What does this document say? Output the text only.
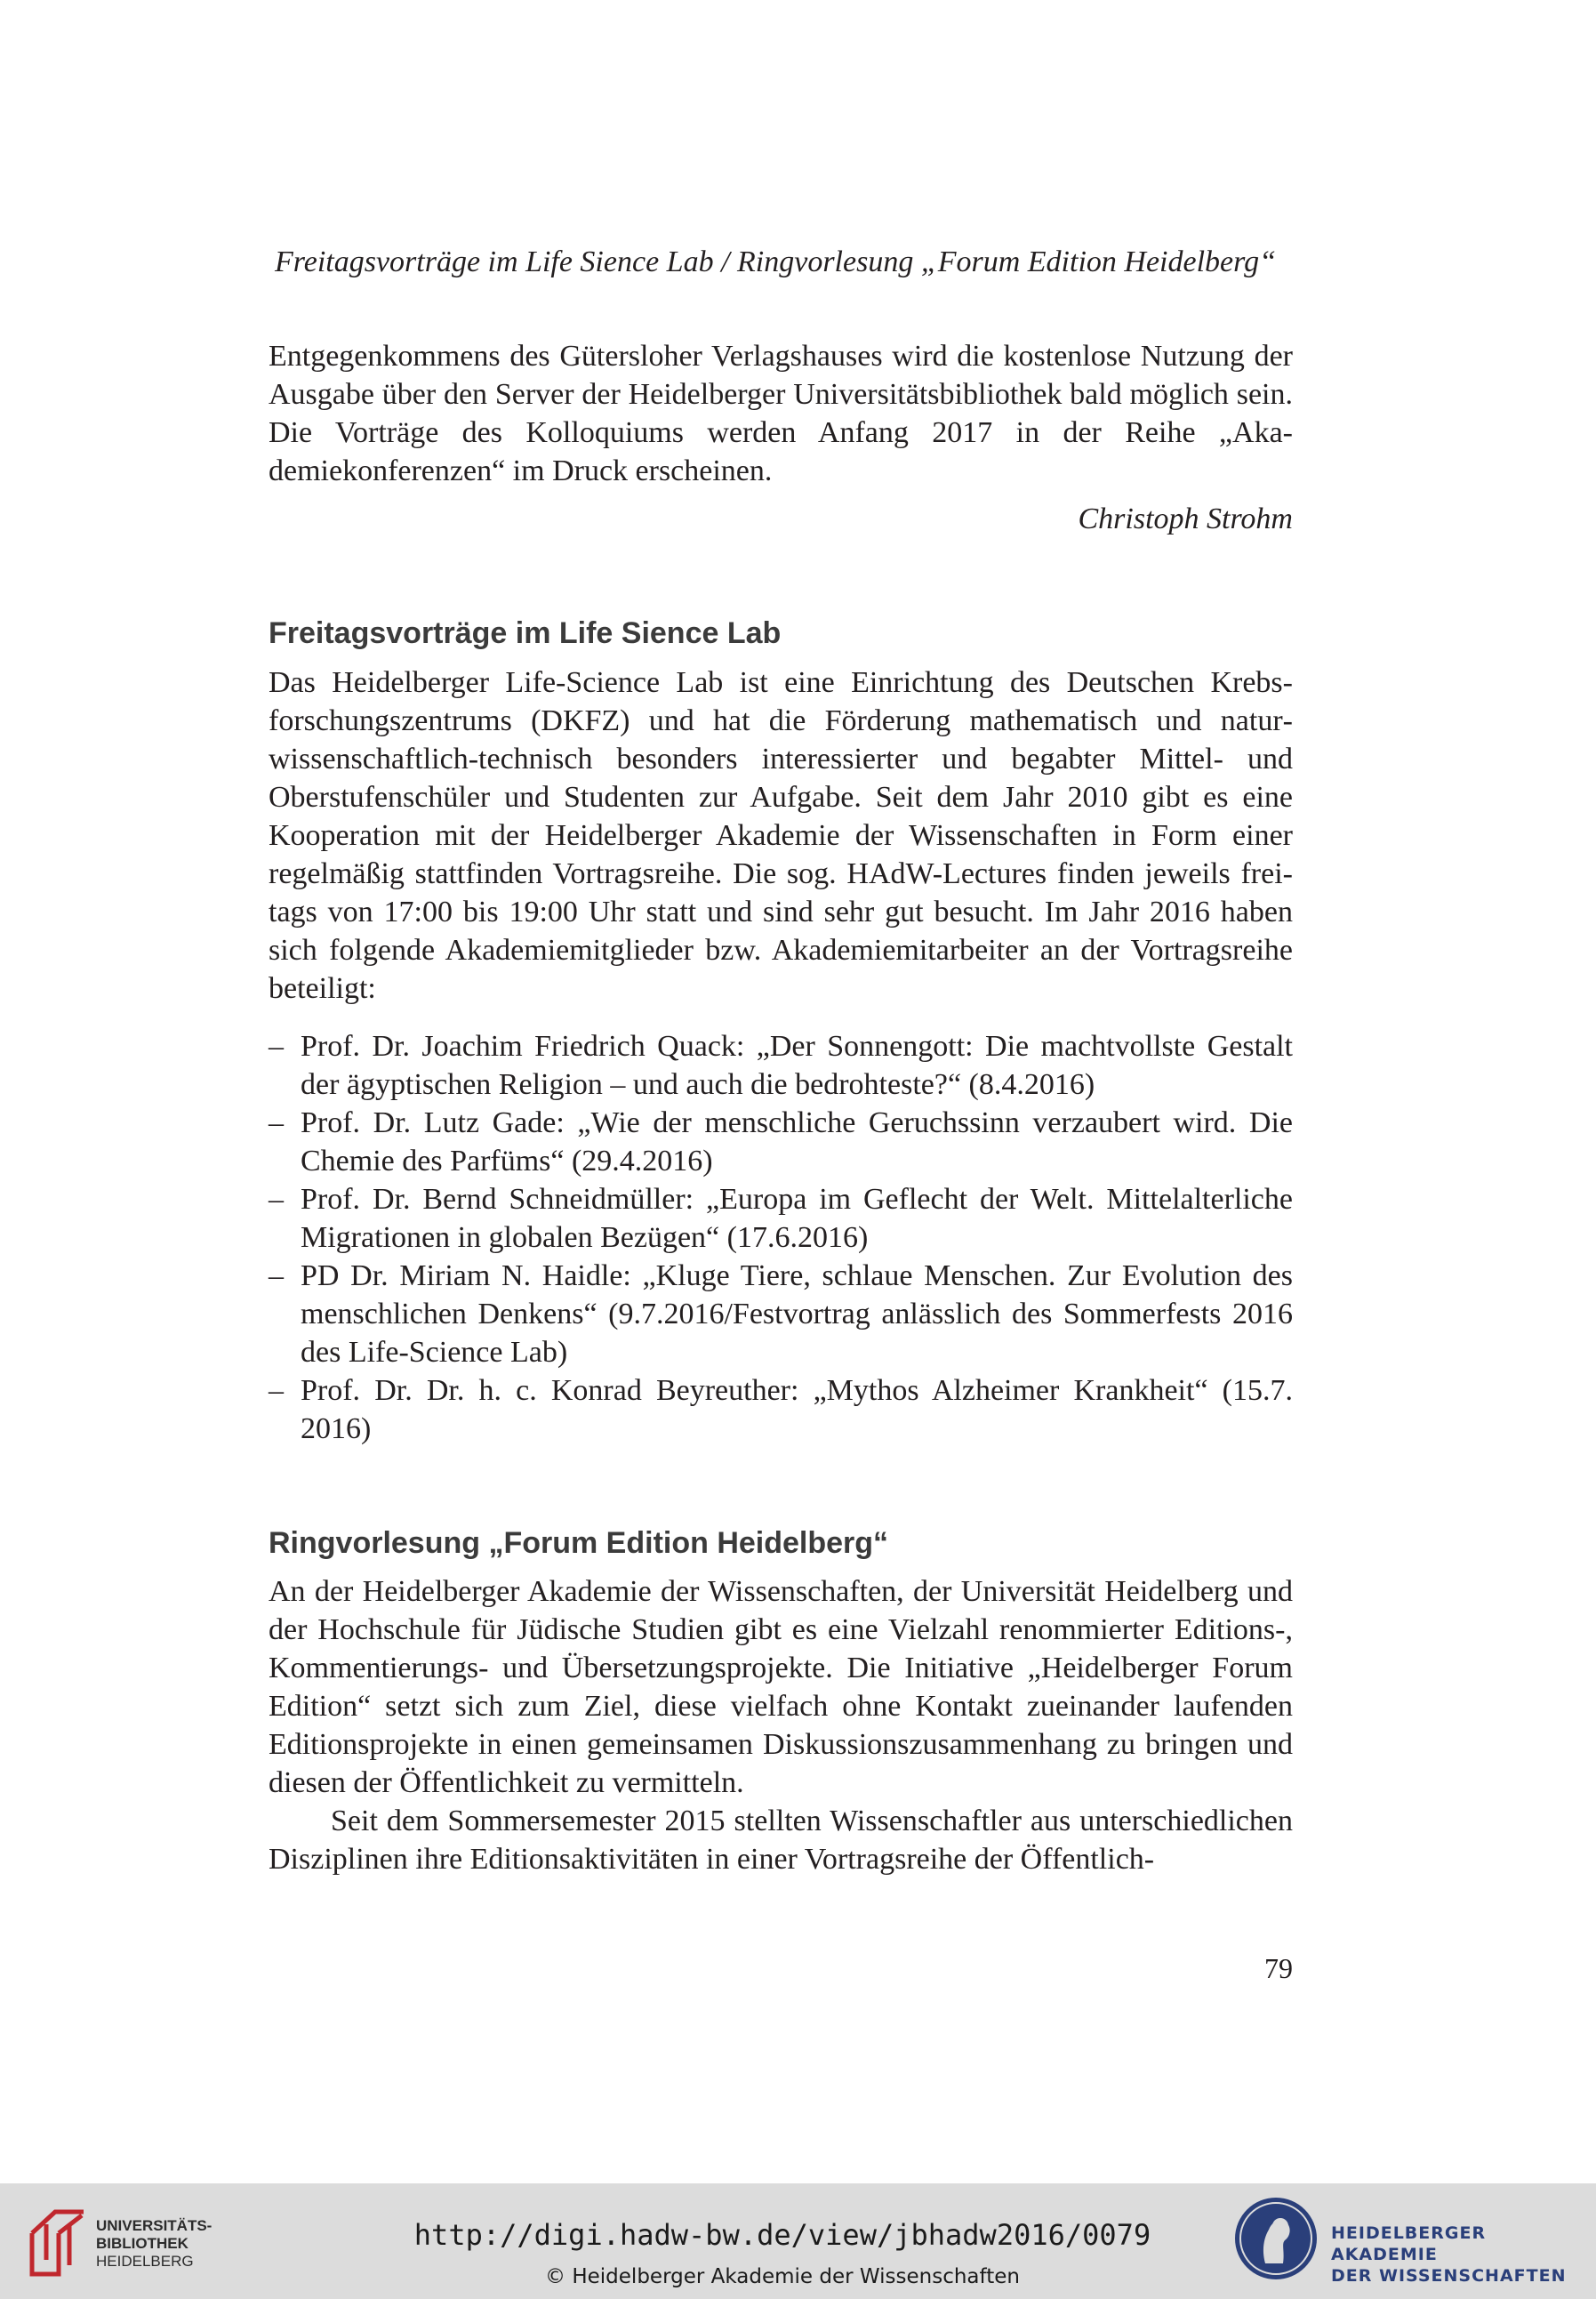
Freitagsvorträge im Life Sience Lab / Ringvorlesung „Forum Edition Heidelberg“

Entgegenkommens des Gütersloher Verlagshauses wird die kostenlose Nutzung der Ausgabe über den Server der Heidelberger Universitätsbibliothek bald möglich sein. Die Vorträge des Kolloquiums werden Anfang 2017 in der Reihe „Akademiekonferenzen“ im Druck erscheinen.

Christoph Strohm
Freitagsvorträge im Life Sience Lab

Das Heidelberger Life-Science Lab ist eine Einrichtung des Deutschen Krebsforschungszentrums (DKFZ) und hat die Förderung mathematisch und naturwissenschaftlich-technisch besonders interessierter und begabter Mittel- und Oberstufenschüler und Studenten zur Aufgabe. Seit dem Jahr 2010 gibt es eine Kooperation mit der Heidelberger Akademie der Wissenschaften in Form einer regelmäßig stattfinden Vortragsreihe. Die sog. HAdW-Lectures finden jeweils freitags von 17:00 bis 19:00 Uhr statt und sind sehr gut besucht. Im Jahr 2016 haben sich folgende Akademiemitglieder bzw. Akademiemitarbeiter an der Vortragsreihe beteiligt:

– Prof. Dr. Joachim Friedrich Quack: „Der Sonnengott: Die machtvollste Gestalt der ägyptischen Religion – und auch die bedrohteste?“ (8.4.2016)
– Prof. Dr. Lutz Gade: „Wie der menschliche Geruchssinn verzaubert wird. Die Chemie des Parfüms“ (29.4.2016)
– Prof. Dr. Bernd Schneidmüller: „Europa im Geflecht der Welt. Mittelalterliche Migrationen in globalen Bezügen“ (17.6.2016)
– PD Dr. Miriam N. Haidle: „Kluge Tiere, schlaue Menschen. Zur Evolution des menschlichen Denkens“ (9.7.2016/Festvortrag anlässlich des Sommerfests 2016 des Life-Science Lab)
– Prof. Dr. Dr. h. c. Konrad Beyreuther: „Mythos Alzheimer Krankheit“ (15.7. 2016)
Ringvorlesung „Forum Edition Heidelberg“

An der Heidelberger Akademie der Wissenschaften, der Universität Heidelberg und der Hochschule für Jüdische Studien gibt es eine Vielzahl renommierter Editions-, Kommentierungs- und Übersetzungsprojekte. Die Initiative „Heidelberger Forum Edition“ setzt sich zum Ziel, diese vielfach ohne Kontakt zueinander laufenden Editionsprojekte in einen gemeinsamen Diskussionszusammenhang zu bringen und diesen der Öffentlichkeit zu vermitteln.

Seit dem Sommersemester 2015 stellten Wissenschaftler aus unterschiedlichen Disziplinen ihre Editionsaktivitäten in einer Vortragsreihe der Öffentlich-

79
UNIVERSITÄTS-
BIBLIOTHEK
HEIDELBERG
http://digi.hadw-bw.de/view/jbhadw2016/0079
© Heidelberger Akademie der Wissenschaften
HEIDELBERGER AKADEMIE
DER WISSENSCHAFTEN
